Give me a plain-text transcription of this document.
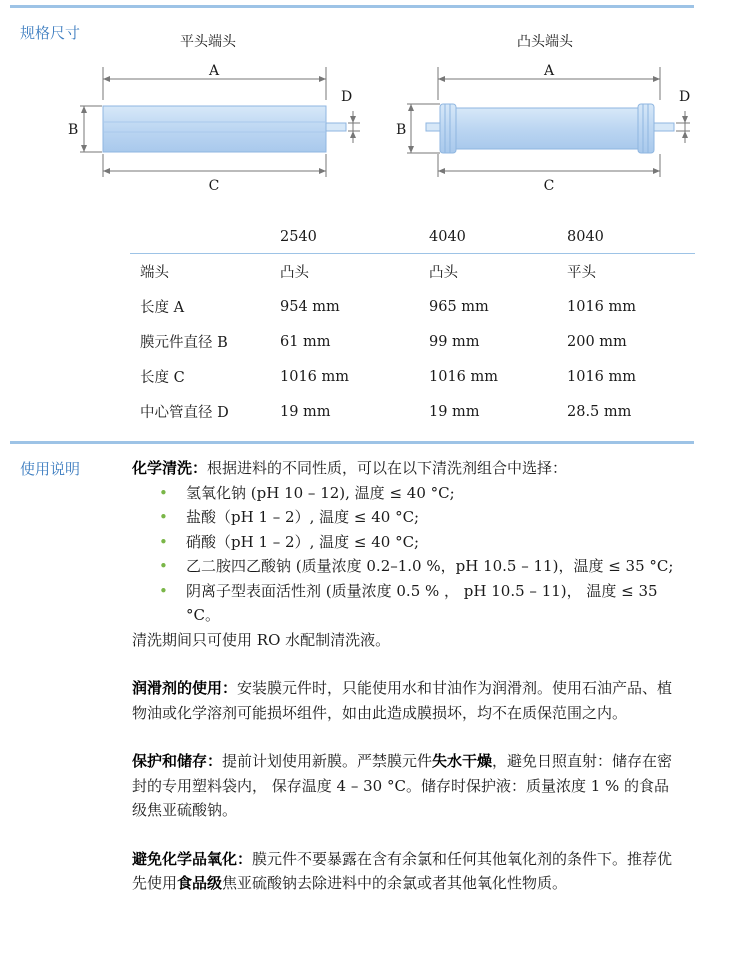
规格尺寸	平头端头	凸头端头
A
B
D
C
A
B
D
C
	2540	4040	8040
端头	凸头	凸头	平头
长度 A	954 mm	965 mm	1016 mm
膜元件直径 B	61 mm	99 mm	200 mm
长度 C	1016 mm	1016 mm	1016 mm
中心管直径 D	19 mm	19 mm	28.5 mm
使用说明	化学清洗：根据进料的不同性质，可以在以下清洗剂组合中选择：

• 氢氧化钠 (pH 10 – 12), 温度 ≤ 40 °C;
• 盐酸（pH 1 – 2）, 温度 ≤ 40 °C;
• 硝酸（pH 1 – 2）, 温度 ≤ 40 °C;
• 乙二胺四乙酸钠 (质量浓度 0.2–1.0 %，pH 10.5 – 11)，温度 ≤ 35 °C;
• 阴离子型表面活性剂 (质量浓度 0.5 % ， pH 10.5 – 11)， 温度 ≤ 35 °C。

清洗期间只可使用 RO 水配制清洗液。

润滑剂的使用：安装膜元件时，只能使用水和甘油作为润滑剂。使用石油产品、植物油或化学溶剂可能损坏组件，如由此造成膜损坏，均不在质保范围之内。

保护和储存：提前计划使用新膜。严禁膜元件失水干燥，避免日照直射：储存在密封的专用塑料袋内， 保存温度 4 – 30 °C。储存时保护液：质量浓度 1 % 的食品级焦亚硫酸钠。

避免化学品氧化：膜元件不要暴露在含有余氯和任何其他氧化剂的条件下。推荐优先使用食品级焦亚硫酸钠去除进料中的余氯或者其他氧化性物质。
